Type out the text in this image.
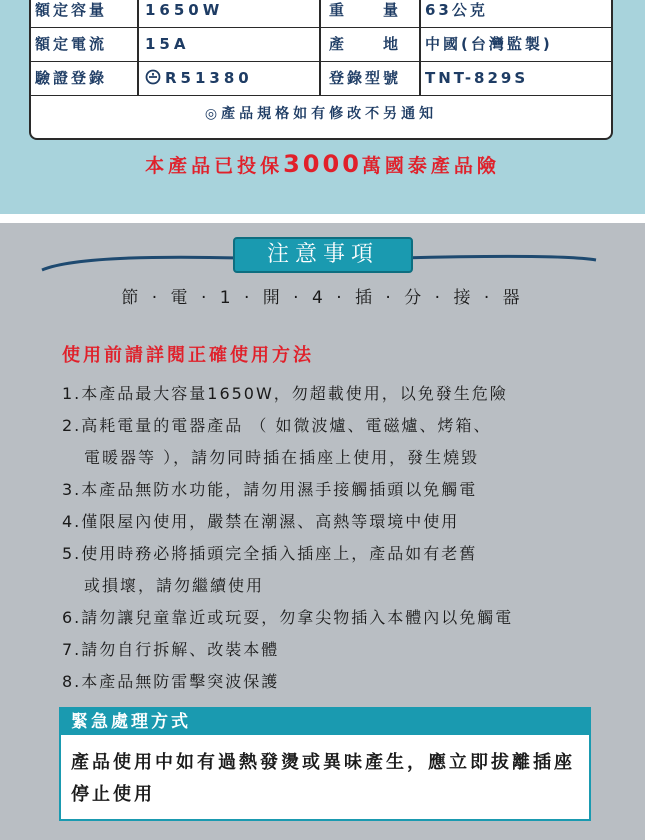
額定容量	1650W	重　　量	63公克
額定電流	15A	產　　地	中國(台灣監製)
驗證登錄	R51380	登錄型號	TNT-829S
◎產品規格如有修改不另通知
本產品已投保3000萬國泰產品險
注意事項
節 · 電 · 1 · 開 · 4 · 插 · 分 · 接 · 器
使用前請詳閱正確使用方法
1.本產品最大容量1650W，勿超載使用，以免發生危險
2.高耗電量的電器產品 （ 如微波爐、電磁爐、烤箱、
電暖器等 ），請勿同時插在插座上使用，發生燒毀
3.本產品無防水功能，請勿用濕手接觸插頭以免觸電
4.僅限屋內使用，嚴禁在潮濕、高熱等環境中使用
5.使用時務必將插頭完全插入插座上，產品如有老舊
或損壞，請勿繼續使用
6.請勿讓兒童靠近或玩耍，勿拿尖物插入本體內以免觸電
7.請勿自行拆解、改裝本體
8.本產品無防雷擊突波保護
緊急處理方式
產品使用中如有過熱發燙或異味產生，應立即拔離插座停止使用
